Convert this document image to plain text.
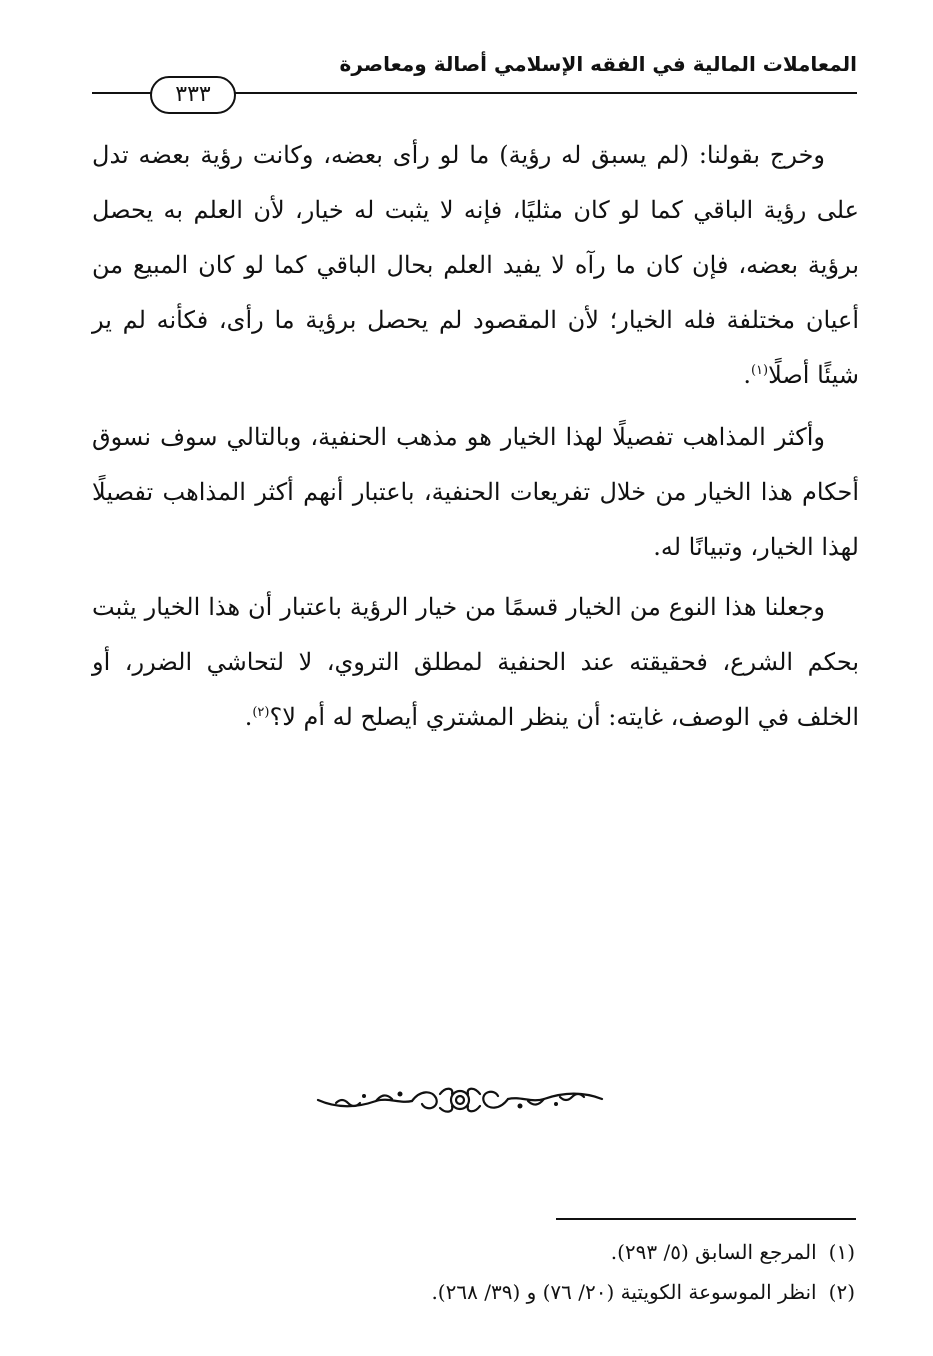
المعاملات المالية في الفقه الإسلامي أصالة ومعاصرة
٣٣٣

وخرج بقولنا: (لم يسبق له رؤية) ما لو رأى بعضه، وكانت رؤية بعضه تدل على رؤية الباقي كما لو كان مثليًا، فإنه لا يثبت له خيار، لأن العلم به يحصل برؤية بعضه، فإن كان ما رآه لا يفيد العلم بحال الباقي كما لو كان المبيع من أعيان مختلفة فله الخيار؛ لأن المقصود لم يحصل برؤية ما رأى، فكأنه لم ير شيئًا أصلًا$^{(١)}$.

وأكثر المذاهب تفصيلًا لهذا الخيار هو مذهب الحنفية، وبالتالي سوف نسوق أحكام هذا الخيار من خلال تفريعات الحنفية، باعتبار أنهم أكثر المذاهب تفصيلًا لهذا الخيار، وتبيانًا له.

وجعلنا هذا النوع من الخيار قسمًا من خيار الرؤية باعتبار أن هذا الخيار يثبت بحكم الشرع، فحقيقته عند الحنفية لمطلق التروي، لا لتحاشي الضرر، أو الخلف في الوصف، غايته: أن ينظر المشتري أيصلح له أم لا؟$^{(٢)}$.

(١)المرجع السابق (٥/ ٢٩٣).

(٢)انظر الموسوعة الكويتية (٢٠/ ٧٦) و (٣٩/ ٢٦٨).
